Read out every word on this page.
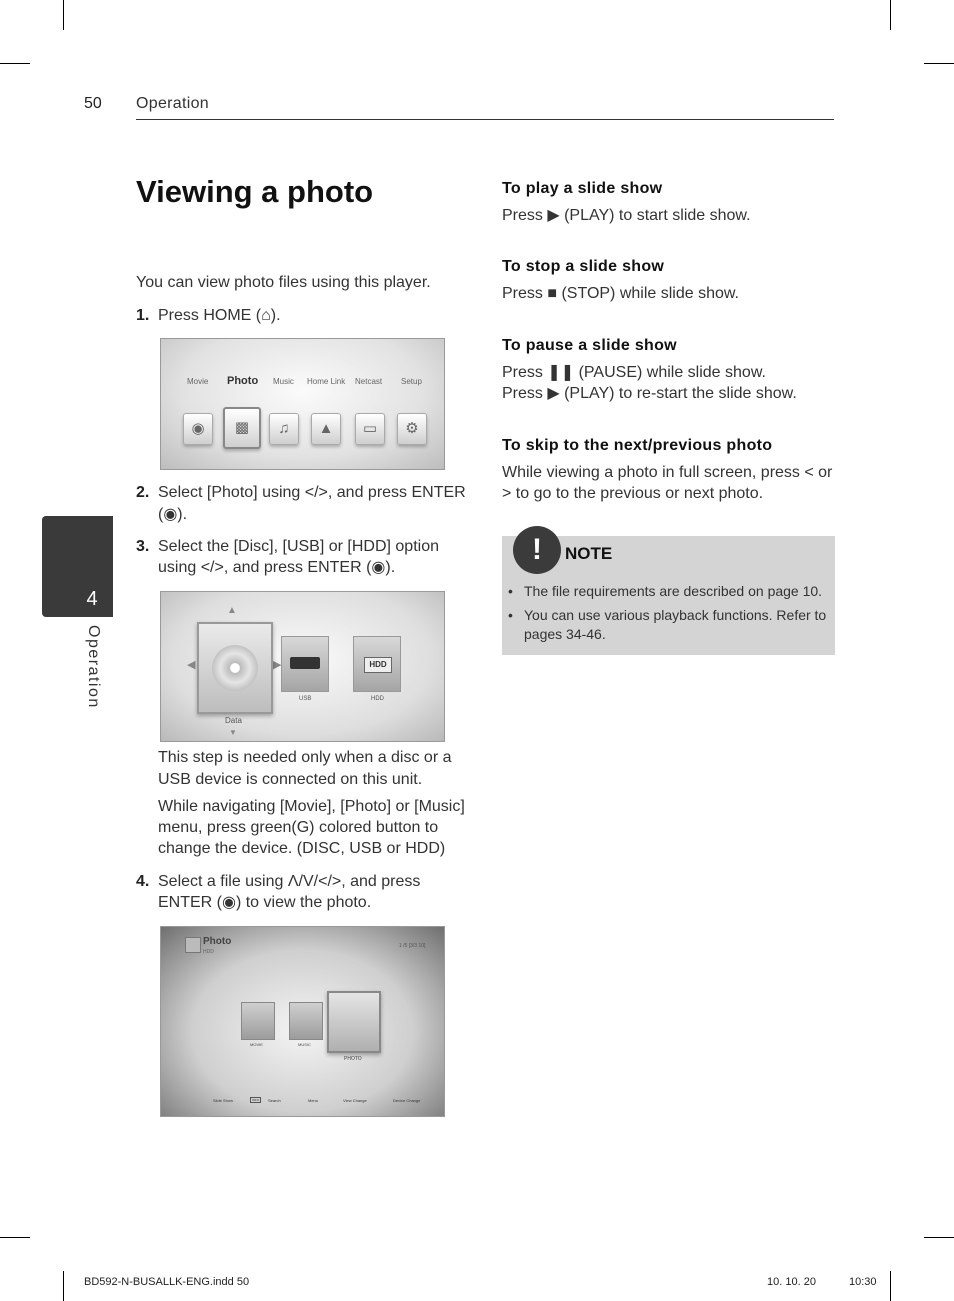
50 Operation
4
Operation
Viewing a photo
You can view photo files using this player.
1. Press HOME (⌂).
Movie Photo Music Home Link Netcast Setup
◉	▩	♫	▲	▭	⚙
2. Select [Photo] using </>, and press ENTER
(◉).
3. Select the [Disc], [USB] or [HDD] option
using </>, and press ENTER (◉).
▲
◀	▶	HDD
Data
USB	HDD
▼
This step is needed only when a disc or a
USB device is connected on this unit.
While navigating [Movie], [Photo] or [Music]
menu, press green(G) colored button to
change the device. (DISC, USB or HDD)
4. Select a file using Λ/V/</>, and press
ENTER (◉) to view the photo.
Photo
HDD
1 /5 [3/3 10]
MOVIE	MUSIC
PHOTO
Slide Show	INFO	Search	Menu	View Change	Device Change
To play a slide show
Press ▶ (PLAY) to start slide show.
To stop a slide show
Press ■ (STOP) while slide show.
To pause a slide show
Press ❚❚ (PAUSE) while slide show.
Press ▶ (PLAY) to re-start the slide show.
To skip to the next/previous photo
While viewing a photo in full screen, press < or
> to go to the previous or next photo.
!	NOTE
• The file requirements are described on page 10.
• You can use various playback functions. Refer to
pages 34-46.
BD592-N-BUSALLK-ENG.indd 50	10. 10. 20	10:30
